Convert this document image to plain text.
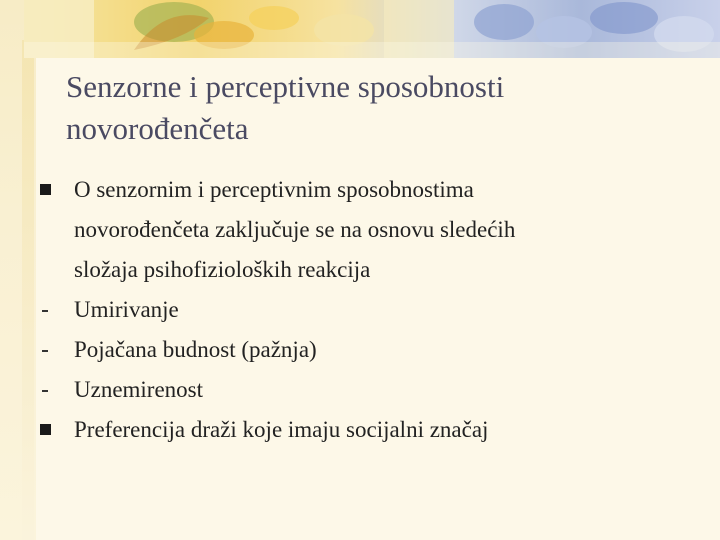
Senzorne i perceptivne sposobnosti
novorođenčeta
O senzornim i perceptivnim sposobnostima
novorođenčeta zaključuje se na osnovu sledećih
složaja psihofizioloških reakcija
Umirivanje
Pojačana budnost (pažnja)
Uznemirenost
Preferencija draži koje imaju socijalni značaj
